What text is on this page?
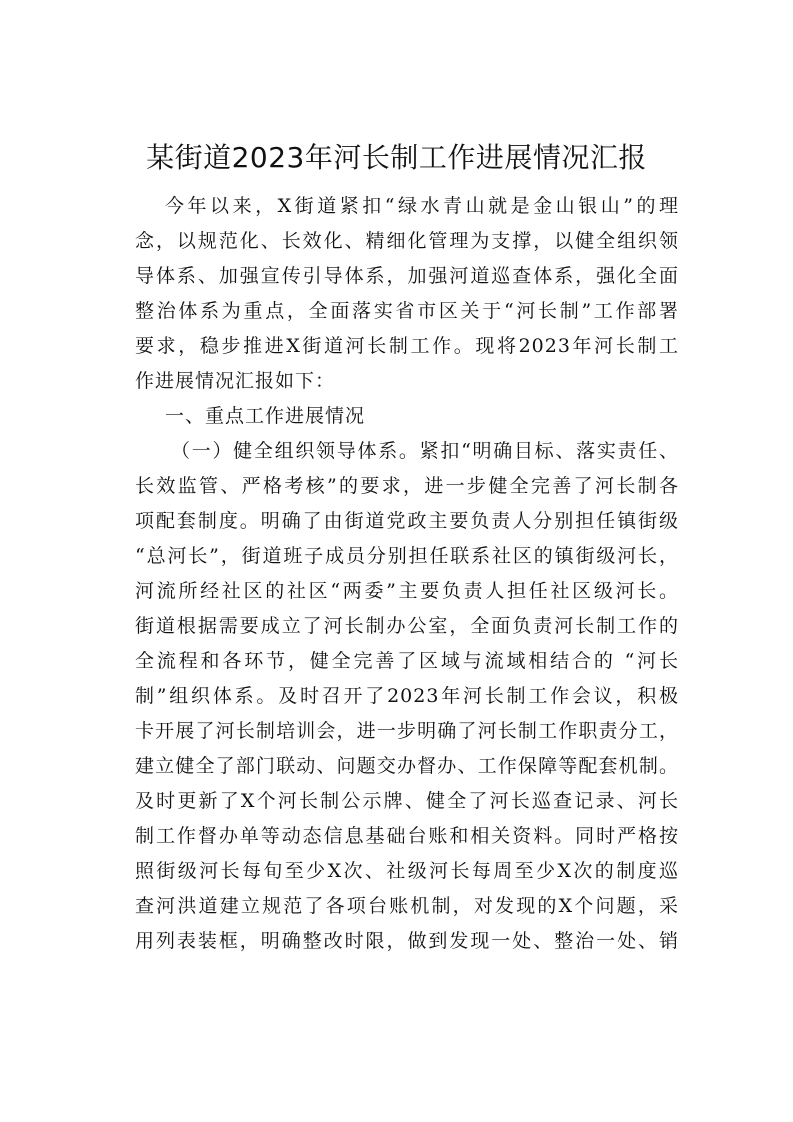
某街道2023年河长制工作进展情况汇报
今年以来，X街道紧扣“绿水青山就是金山银山”的理
念，以规范化、长效化、精细化管理为支撑，以健全组织领
导体系、加强宣传引导体系，加强河道巡查体系，强化全面
整治体系为重点，全面落实省市区关于“河长制”工作部署
要求，稳步推进X街道河长制工作。现将2023年河长制工
作进展情况汇报如下：
一、重点工作进展情况
（一）健全组织领导体系。紧扣“明确目标、落实责任、
长效监管、严格考核”的要求，进一步健全完善了河长制各
项配套制度。明确了由街道党政主要负责人分别担任镇街级
“总河长”，街道班子成员分别担任联系社区的镇街级河长，
河流所经社区的社区“两委”主要负责人担任社区级河长。
街道根据需要成立了河长制办公室，全面负责河长制工作的
全流程和各环节，健全完善了区域与流域相结合的 “河长
制”组织体系。及时召开了2023年河长制工作会议，积极
卡开展了河长制培训会，进一步明确了河长制工作职责分工，
建立健全了部门联动、问题交办督办、工作保障等配套机制。
及时更新了X个河长制公示牌、健全了河长巡查记录、河长
制工作督办单等动态信息基础台账和相关资料。同时严格按
照街级河长每旬至少X次、社级河长每周至少X次的制度巡
查河洪道建立规范了各项台账机制，对发现的X个问题，采
用列表装框，明确整改时限，做到发现一处、整治一处、销
